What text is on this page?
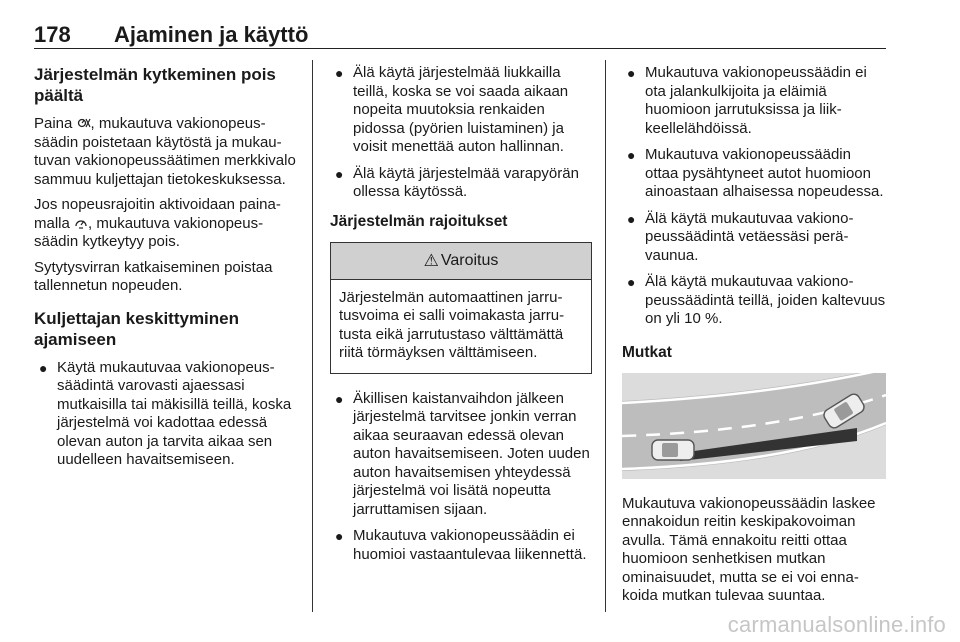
178 Ajaminen ja käyttö
Järjestelmän kytkeminen pois päältä

Paina , mukautuva vakionopeussäädin poistetaan käytöstä ja mukautuvan vakionopeussäätimen merkkivalo sammuu kuljettajan tietokeskuksessa.

Jos nopeusrajoitin aktivoidaan painamalla , mukautuva vakionopeussäädin kytkeytyy pois.

Sytytysvirran katkaiseminen poistaa tallennetun nopeuden.

Kuljettajan keskittyminen ajamiseen
● Käytä mukautuvaa vakionopeussäädintä varovasti ajaessasi mutkaisilla tai mäkisillä teillä, koska järjestelmä voi kadottaa edessä olevan auton ja tarvita aikaa sen uudelleen havaitsemiseen.
● Älä käytä järjestelmää liukkailla teillä, koska se voi saada aikaan nopeita muutoksia renkaiden pidossa (pyörien luistaminen) ja voisit menettää auton hallinnan.
● Älä käytä järjestelmää varapyörän ollessa käytössä.
Järjestelmän rajoitukset
⚠ Varoitus
Järjestelmän automaattinen jarrutusvoima ei salli voimakasta jarrutusta eikä jarrutustaso välttämättä riitä törmäyksen välttämiseen.
● Äkillisen kaistanvaihdon jälkeen järjestelmä tarvitsee jonkin verran aikaa seuraavan edessä olevan auton havaitsemiseen. Joten uuden auton havaitsemisen yhteydessä järjestelmä voi lisätä nopeutta jarruttamisen sijaan.
● Mukautuva vakionopeussäädin ei huomioi vastaantulevaa liikennettä.
● Mukautuva vakionopeussäädin ei ota jalankulkijoita ja eläimiä huomioon jarrutuksissa ja liikkeellelähdöissä.
● Mukautuva vakionopeussäädin ottaa pysähtyneet autot huomioon ainoastaan alhaisessa nopeudessa.
● Älä käytä mukautuvaa vakionopeussäädintä vetäessäsi perävaunua.
● Älä käytä mukautuvaa vakionopeussäädintä teillä, joiden kaltevuus on yli 10 %.
Mutkat

Mukautuva vakionopeussäädin laskee ennakoidun reitin keskipakovoiman avulla. Tämä ennakoitu reitti ottaa huomioon senhetkisen mutkan ominaisuudet, mutta se ei voi ennakoida mutkan tulevaa suuntaa.

carmanualsonline.info
